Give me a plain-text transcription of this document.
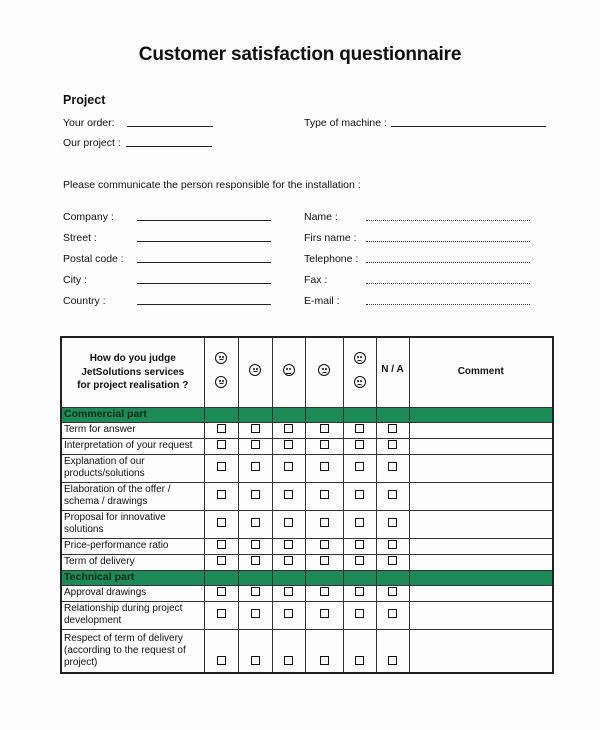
Customer satisfaction questionnaire
Project
Your order:	Type of machine :
Our project :
Please communicate the person responsible for the installation :
Company :
Street :
Postal code :
City :
Country :
Name :
Firs name :
Telephone :
Fax :
E-mail :
How do you judge
JetSolutions services
for project realisation ?						N / A	Comment
Commercial part							
Term for answer							
Interpretation of your request							
Explanation of our products/solutions							
Elaboration of the offer / schema / drawings							
Proposal for innovative solutions							
Price-performance ratio							
Term of delivery							
Technical part							
Approval drawings							
Relationship during project development							
Respect of term of delivery (according to the request of project)							
